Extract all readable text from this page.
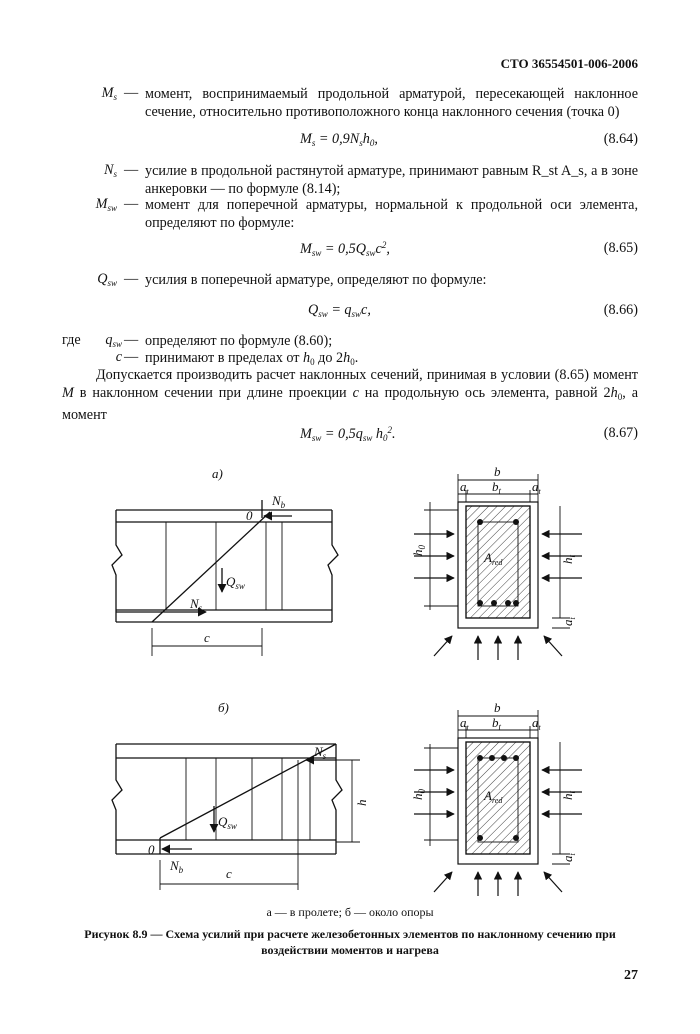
СТО 36554501-006-2006
$M_s$ — момент, воспринимаемый продольной арматурой, пересекающей наклонное сечение, относительно противоположного конца наклонного сечения (точка 0)
$M_s = 0,9N_sh_0$,	(8.64)
$N_s$ — усилие в продольной растянутой арматуре, принимают равным R_st A_s, а в зоне анкеровки — по формуле (8.14);
$M_{sw}$ — момент для поперечной арматуры, нормальной к продольной оси элемента, определяют по формуле:
$M_{sw} = 0,5Q_{sw}c^2$,	(8.65)
$Q_{sw}$ — усилия в поперечной арматуре, определяют по формуле:
$Q_{sw} = q_{sw}c$,	(8.66)
где	$q_{sw}$ — определяют по формуле (8.60);
c — принимают в пределах от $h_0$ до $2h_0$.
Допускается производить расчет наклонных сечений, принимая в условии (8.65) момент M в наклонном сечении при длине проекции c на продольную ось элемента, равной $2h_0$, а момент
$M_{sw} = 0,5q_{sw}$ $h_0^2$.	(8.67)
а)
$N_b$
0
$Q_{sw}$
$N_s$
c
b
$a_t$ $b_t$ $a_t$
$h_0$
$h_t$
$A_{red}$
$a_t$
б)
$N_s$
$Q_{sw}$
0
$N_b$	c
h
b
$a_t$ $b_t$ $a_t$
$h_0$
$h_t$
$A_{red}$
$a_t$
а — в пролете; б — около опоры
Рисунок 8.9 — Схема усилий при расчете железобетонных элементов по наклонному сечению при воздействии моментов и нагрева
27
